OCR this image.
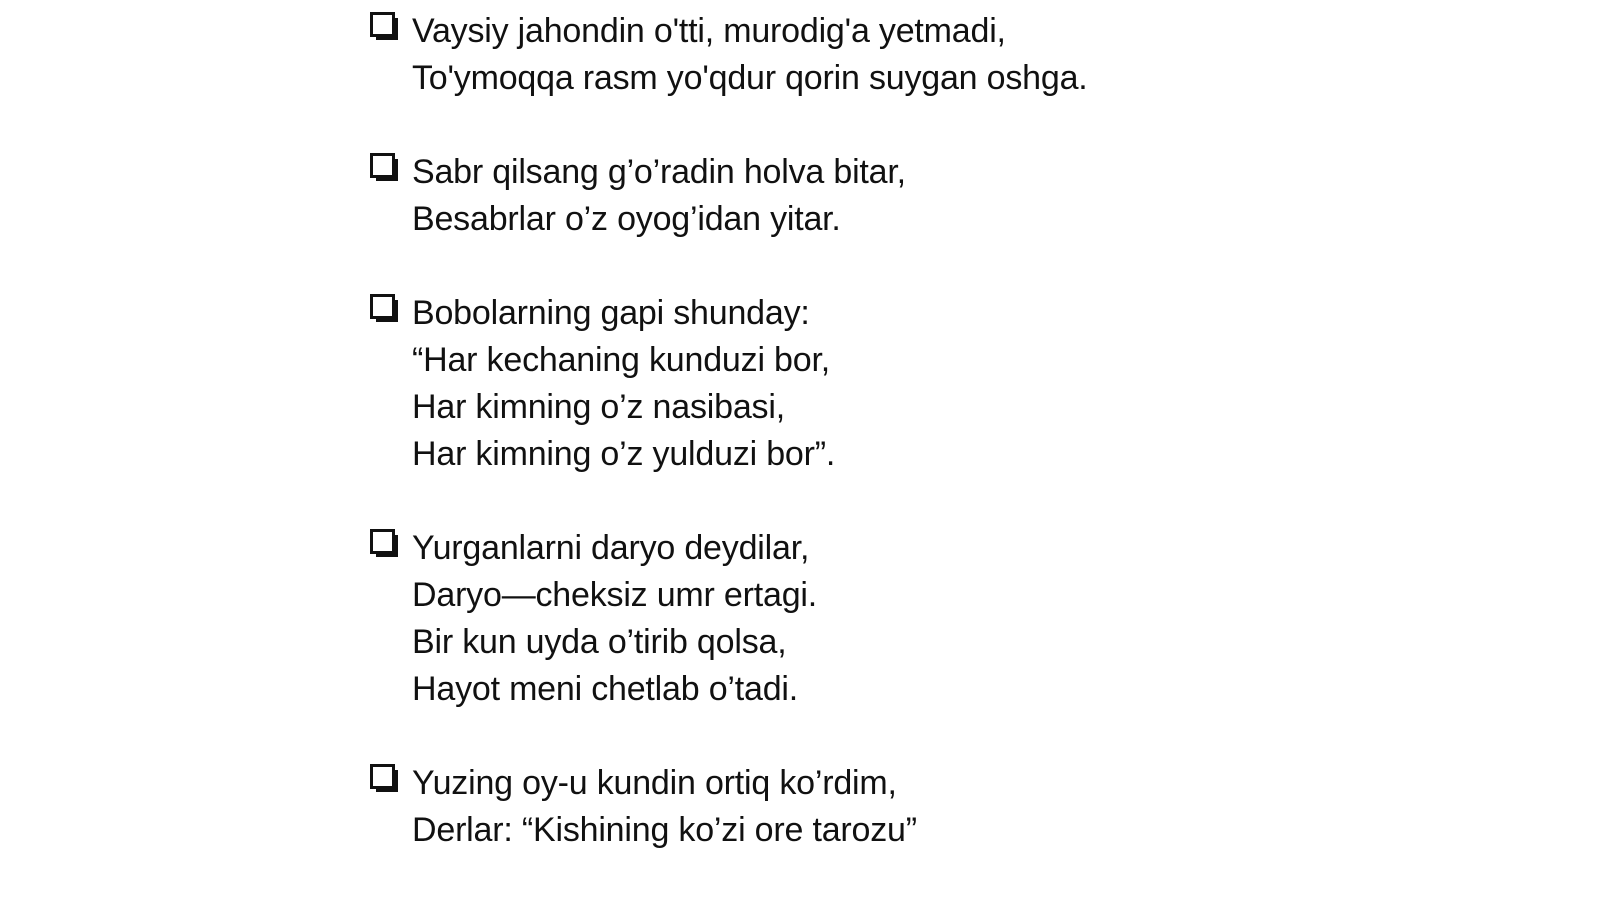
Vaysiy jahondin o'tti, murodig'a yetmadi,
To'ymoqqa rasm yo'qdur qorin suygan oshga.
Sabr qilsang g’o’radin holva bitar,
Besabrlar o’z oyog’idan yitar.
Bobolarning gapi shunday:
“Har kechaning kunduzi bor,
Har kimning o’z nasibasi,
Har kimning o’z yulduzi bor”.
Yurganlarni daryo deydilar,
Daryo—cheksiz umr ertagi.
Bir kun uyda o’tirib qolsa,
Hayot meni chetlab o’tadi.
Yuzing oy-u kundin ortiq ko’rdim,
Derlar: “Kishining ko’zi ore tarozu”
